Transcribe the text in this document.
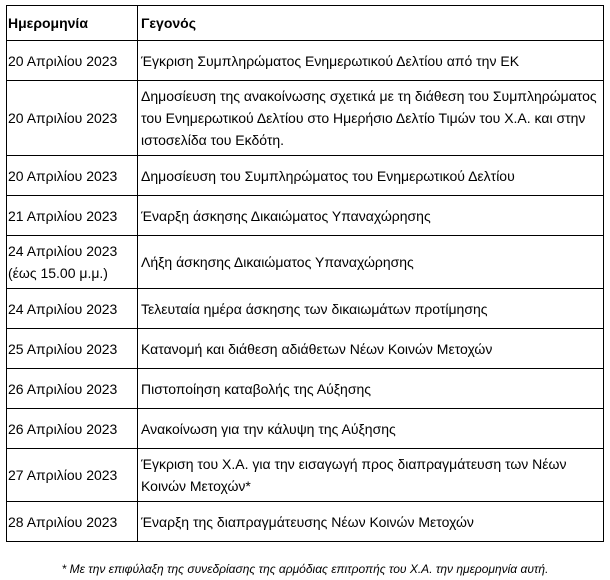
Ημερομηνία	Γεγονός
20 Απριλίου 2023	Έγκριση Συμπληρώματος Ενημερωτικού Δελτίου από την ΕΚ
20 Απριλίου 2023	Δημοσίευση της ανακοίνωσης σχετικά με τη διάθεση του Συμπληρώματος του Ενημερωτικού Δελτίου στο Ημερήσιο Δελτίο Τιμών του Χ.Α. και στην ιστοσελίδα του Εκδότη.
20 Απριλίου 2023	Δημοσίευση του Συμπληρώματος του Ενημερωτικού Δελτίου
21 Απριλίου 2023	Έναρξη άσκησης Δικαιώματος Υπαναχώρησης
24 Απριλίου 2023 (έως 15.00 μ.μ.)	Λήξη άσκησης Δικαιώματος Υπαναχώρησης
24 Απριλίου 2023	Τελευταία ημέρα άσκησης των δικαιωμάτων προτίμησης
25 Απριλίου 2023	Κατανομή και διάθεση αδιάθετων Νέων Κοινών Μετοχών
26 Απριλίου 2023	Πιστοποίηση καταβολής της Αύξησης
26 Απριλίου 2023	Ανακοίνωση για την κάλυψη της Αύξησης
27 Απριλίου 2023	Έγκριση του Χ.Α. για την εισαγωγή προς διαπραγμάτευση των Νέων Κοινών Μετοχών*
28 Απριλίου 2023	Έναρξη της διαπραγμάτευσης Νέων Κοινών Μετοχών
* Με την επιφύλαξη της συνεδρίασης της αρμόδιας επιτροπής του Χ.Α. την ημερομηνία αυτή.
